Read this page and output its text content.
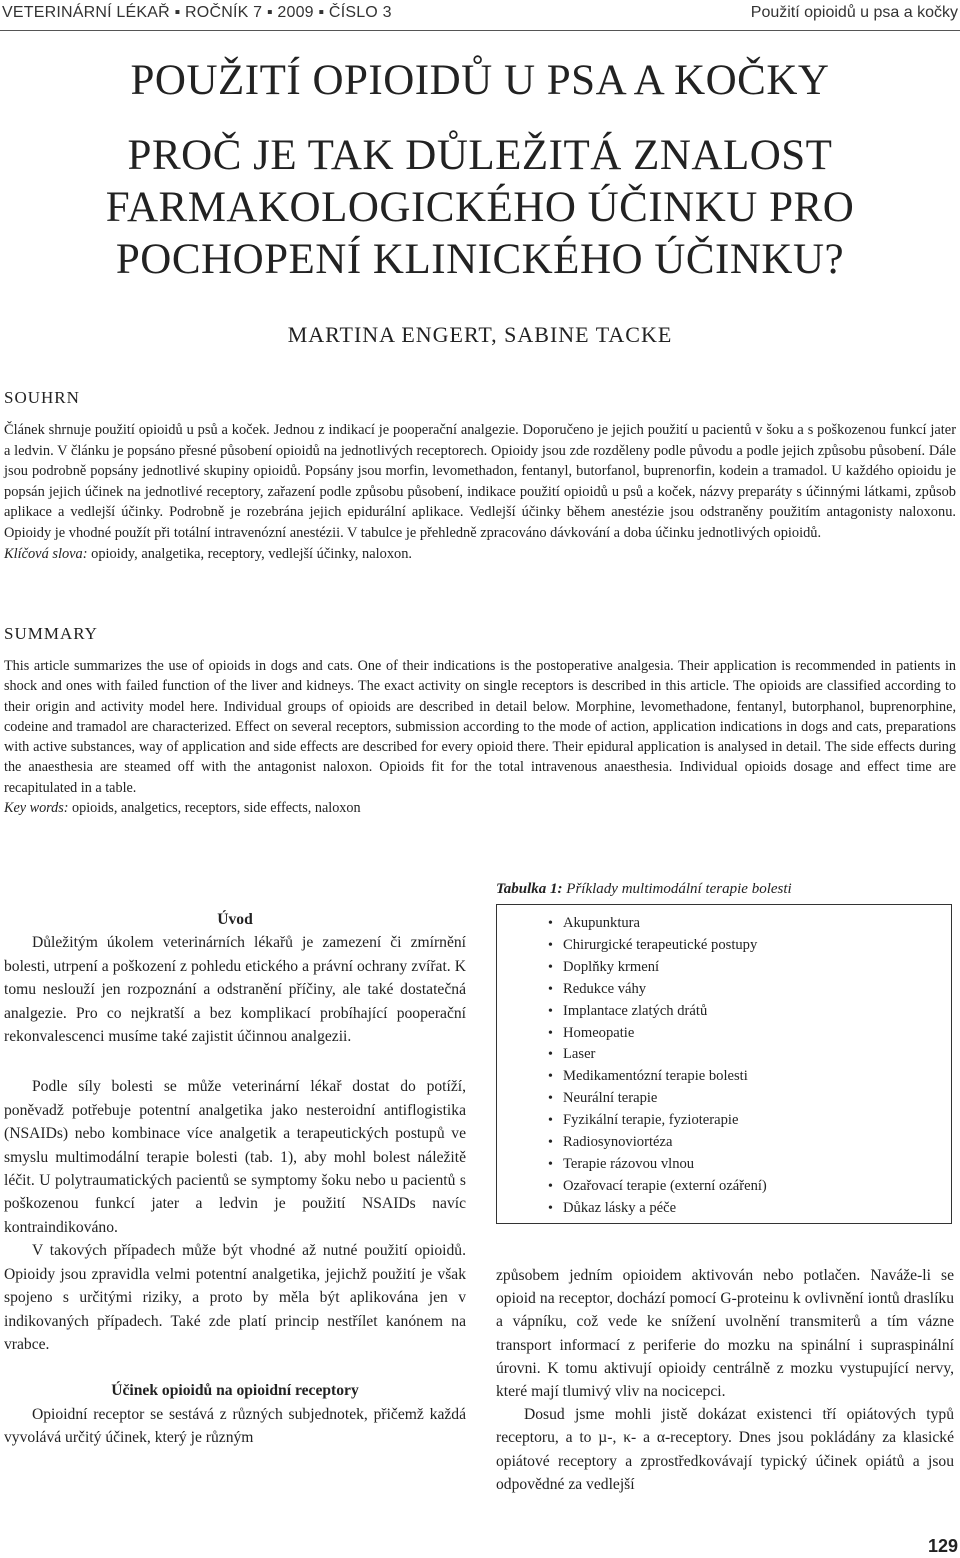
VETERINÁRNÍ LÉKAŘ ▪ ROČNÍK 7 ▪ 2009 ▪ ČÍSLO 3	Použití opioidů u psa a kočky
POUŽITÍ OPIOIDŮ U PSA A KOČKY
PROČ JE TAK DŮLEŽITÁ ZNALOST
FARMAKOLOGICKÉHO ÚČINKU PRO
POCHOPENÍ KLINICKÉHO ÚČINKU?
MARTINA ENGERT, SABINE TACKE
SOUHRN
Článek shrnuje použití opioidů u psů a koček. Jednou z indikací je pooperační analgezie. Doporučeno je jejich použití u pacientů v šoku a s poškozenou funkcí jater a ledvin. V článku je popsáno přesné působení opioidů na jednotlivých receptorech. Opioidy jsou zde rozděleny podle původu a podle jejich způsobu působení. Dále jsou podrobně popsány jednotlivé skupiny opioidů. Popsány jsou morfin, levomethadon, fentanyl, butorfanol, buprenorfin, kodein a tramadol. U každého opioidu je popsán jejich účinek na jednotlivé receptory, zařazení podle způsobu působení, indikace použití opioidů u psů a koček, názvy preparáty s účinnými látkami, způsob aplikace a vedlejší účinky. Podrobně je rozebrána jejich epidurální aplikace. Vedlejší účinky během anestézie jsou odstraněny použitím antagonisty naloxonu. Opioidy je vhodné použít při totální intravenózní anestézii. V tabulce je přehledně zpracováno dávkování a doba účinku jednotlivých opioidů.
Klíčová slova: opioidy, analgetika, receptory, vedlejší účinky, naloxon.
SUMMARY
This article summarizes the use of opioids in dogs and cats. One of their indications is the postoperative analgesia. Their application is recommended in patients in shock and ones with failed function of the liver and kidneys. The exact activity on single receptors is described in this article. The opioids are classified according to their origin and activity model here. Individual groups of opioids are described in detail below. Morphine, levomethadone, fentanyl, butorphanol, buprenorphine, codeine and tramadol are characterized. Effect on several receptors, submission according to the mode of action, application indications in dogs and cats, preparations with active substances, way of application and side effects are described for every opioid there. Their epidural application is analysed in detail. The side effects during the anaesthesia are steamed off with the antagonist naloxon. Opioids fit for the total intravenous anaesthesia. Individual opioids dosage and effect time are recapitulated in a table.
Key words: opioids, analgetics, receptors, side effects, naloxon

Úvod

Důležitým úkolem veterinárních lékařů je zamezení či zmírnění bolesti, utrpení a poškození z pohledu etického a právní ochrany zvířat. K tomu neslouží jen rozpoznání a odstranění příčiny, ale také dostatečná analgezie. Pro co nejkratší a bez komplikací probíhající pooperační rekonvalescenci musíme také zajistit účinnou analgezii.

Podle síly bolesti se může veterinární lékař dostat do potíží, poněvadž potřebuje potentní analgetika jako nesteroidní antiflogistika (NSAIDs) nebo kombinace více analgetik a terapeutických postupů ve smyslu multimodální terapie bolesti (tab. 1), aby mohl bolest náležitě léčit. U polytraumatických pacientů se symptomy šoku nebo u pacientů s poškozenou funkcí jater a ledvin je použití NSAIDs navíc kontraindikováno.

V takových případech může být vhodné až nutné použití opioidů. Opioidy jsou zpravidla velmi potentní analgetika, jejichž použití je však spojeno s určitými riziky, a proto by měla být aplikována jen v indikovaných případech. Také zde platí princip nestřílet kanónem na vrabce.

Účinek opioidů na opioidní receptory

Opioidní receptor se sestává z různých subjednotek, přičemž každá vyvolává určitý účinek, který je různým

Tabulka 1: Příklady multimodální terapie bolesti
• Akupunktura
• Chirurgické terapeutické postupy
• Doplňky krmení
• Redukce váhy
• Implantace zlatých drátů
• Homeopatie
• Laser
• Medikamentózní terapie bolesti
• Neurální terapie
• Fyzikální terapie, fyzioterapie
• Radiosynoviortéza
• Terapie rázovou vlnou
• Ozařovací terapie (externí ozáření)
• Důkaz lásky a péče

způsobem jedním opioidem aktivován nebo potlačen. Naváže-li se opioid na receptor, dochází pomocí G-proteinu k ovlivnění iontů draslíku a vápníku, což vede ke snížení uvolnění transmiterů a tím vázne transport informací z periferie do mozku na spinální i supraspinální úrovni. K tomu aktivují opioidy centrálně z mozku vystupující nervy, které mají tlumivý vliv na nocicepci.

Dosud jsme mohli jistě dokázat existenci tří opiátových typů receptoru, a to µ-, κ- a α-receptory. Dnes jsou pokládány za klasické opiátové receptory a zprostředkovávají typický účinek opiátů a jsou odpovědné za vedlejší

129
